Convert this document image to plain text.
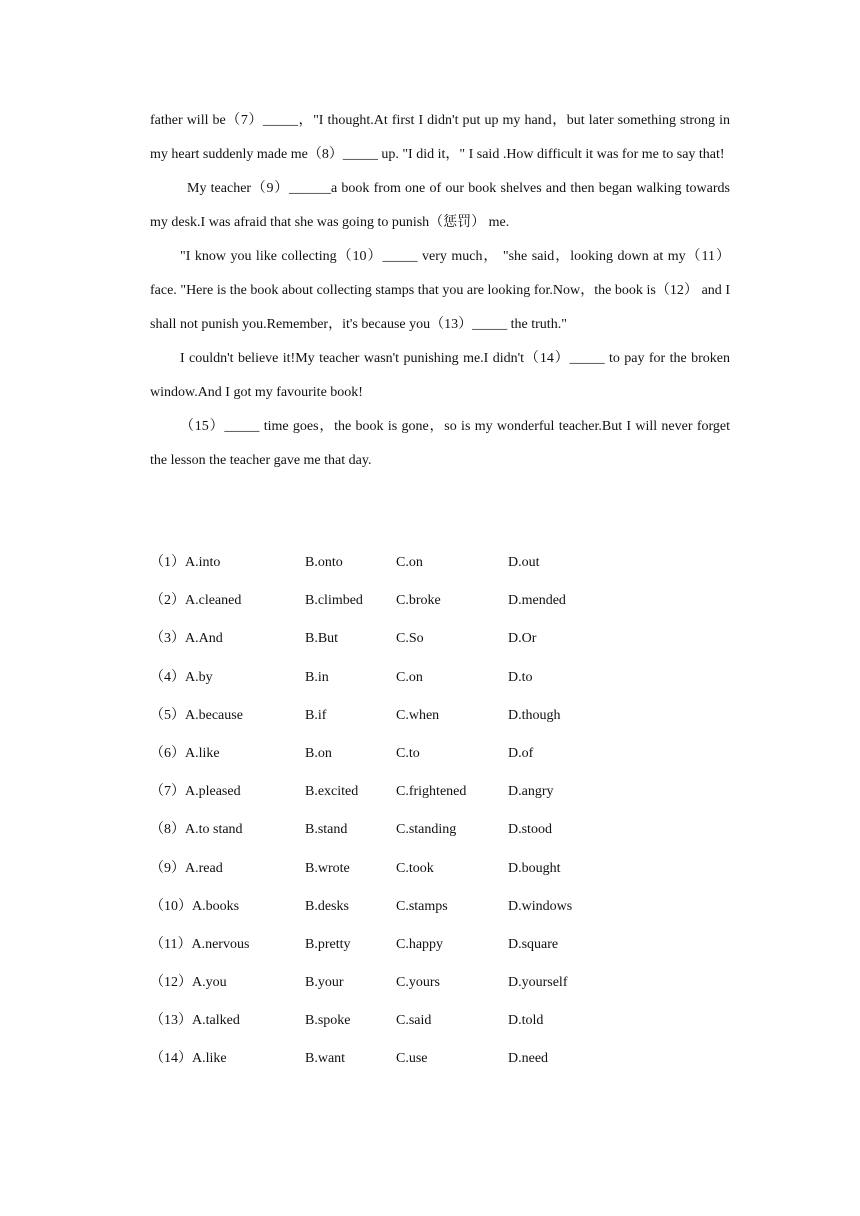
father will be（7）_____，"I thought.At first I didn't put up my hand，but later something strong in my heart suddenly made me（8）_____ up. "I did it，" I said .How difficult it was for me to say that!

My teacher（9）______a book from one of our book shelves and then began walking towards my desk.I was afraid that she was going to punish（惩罚） me.

"I know you like collecting（10）_____ very much， "she said，looking down at my（11） face. "Here is the book about collecting stamps that you are looking for.Now，the book is（12） and I shall not punish you.Remember，it's because you（13）_____ the truth."

I couldn't believe it!My teacher wasn't punishing me.I didn't（14）_____ to pay for the broken window.And I got my favourite book!

（15）_____ time goes，the book is gone，so is my wonderful teacher.But I will never forget the lesson the teacher gave me that day.

（1）A.into	B.onto	C.on	D.out
（2）A.cleaned	B.climbed C.broke	D.mended
（3）A.And	B.But	C.So	D.Or
（4）A.by	B.in	C.on	D.to
（5）A.because	B.if	C.when	D.though
（6）A.like	B.on	C.to	D.of
（7）A.pleased	B.excited	C.frightened	D.angry
（8）A.to stand	B.stand	C.standing	D.stood
（9）A.read	B.wrote	C.took	D.bought
（10）A.books	B.desks	C.stamps	D.windows
（11）A.nervous	B.pretty	C.happy	D.square
（12）A.you	B.your	C.yours	D.yourself
（13）A.talked	B.spoke	C.said	D.told
（14）A.like	B.want	C.use	D.need
